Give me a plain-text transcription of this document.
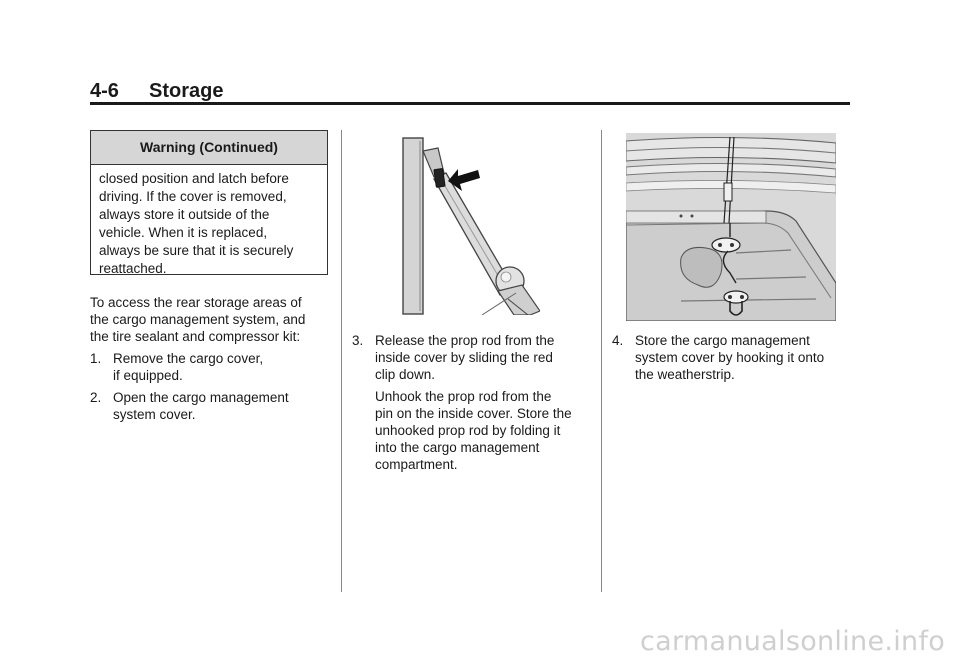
4-6 Storage
Warning (Continued)
closed position and latch before
driving. If the cover is removed,
always store it outside of the
vehicle. When it is replaced,
always be sure that it is securely
reattached.
To access the rear storage areas of
the cargo management system, and
the tire sealant and compressor kit:
1. Remove the cargo cover,
if equipped.
2. Open the cargo management
system cover.
3. Release the prop rod from the
inside cover by sliding the red
clip down.
Unhook the prop rod from the
pin on the inside cover. Store the
unhooked prop rod by folding it
into the cargo management
compartment.
4. Store the cargo management
system cover by hooking it onto
the weatherstrip.
carmanualsonline.info
